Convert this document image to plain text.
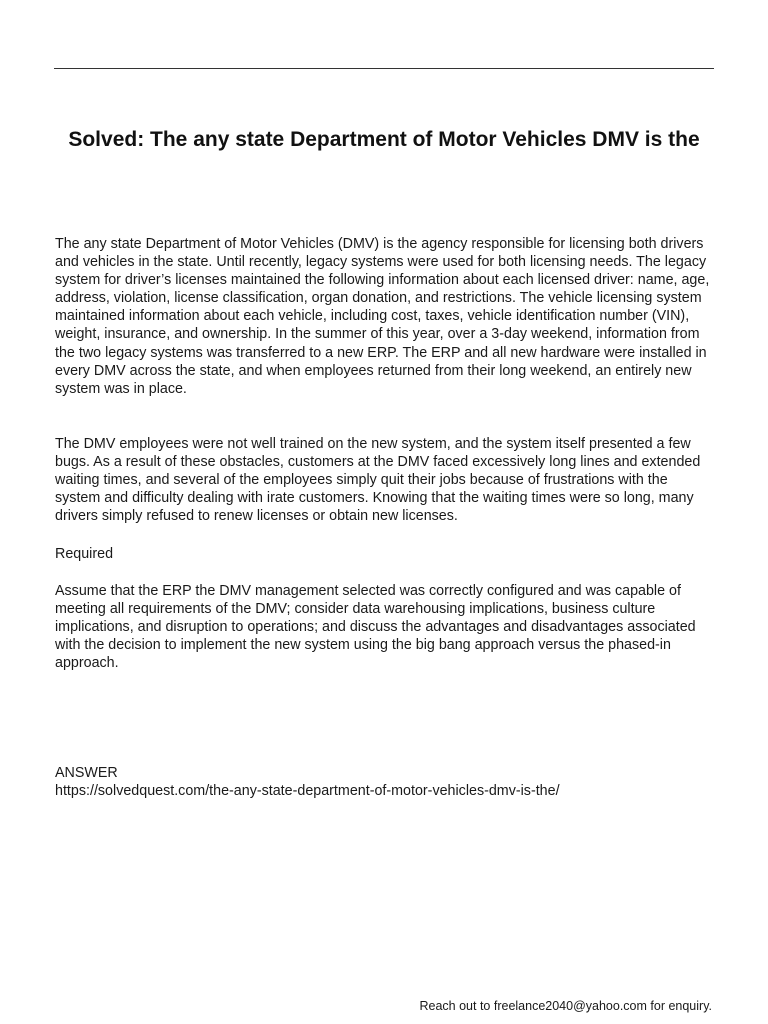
Solved: The any state Department of Motor Vehicles DMV is the

The any state Department of Motor Vehicles (DMV) is the agency responsible for licensing both drivers and vehicles in the state. Until recently, legacy systems were used for both licensing needs. The legacy system for driver’s licenses maintained the following information about each licensed driver: name, age, address, violation, license classification, organ donation, and restrictions. The vehicle licensing system maintained information about each vehicle, including cost, taxes, vehicle identification number (VIN), weight, insurance, and ownership. In the summer of this year, over a 3-day weekend, information from the two legacy systems was transferred to a new ERP. The ERP and all new hardware were installed in every DMV across the state, and when employees returned from their long weekend, an entirely new system was in place.

The DMV employees were not well trained on the new system, and the system itself presented a few bugs. As a result of these obstacles, customers at the DMV faced excessively long lines and extended waiting times, and several of the employees simply quit their jobs because of frustrations with the system and difficulty dealing with irate customers. Knowing that the waiting times were so long, many drivers simply refused to renew licenses or obtain new licenses.

Required

Assume that the ERP the DMV management selected was correctly configured and was capable of meeting all requirements of the DMV; consider data warehousing implications, business culture implications, and disruption to operations; and discuss the advantages and disadvantages associated with the decision to implement the new system using the big bang approach versus the phased-in approach.

ANSWER

https://solvedquest.com/the-any-state-department-of-motor-vehicles-dmv-is-the/

Reach out to freelance2040@yahoo.com for enquiry.
